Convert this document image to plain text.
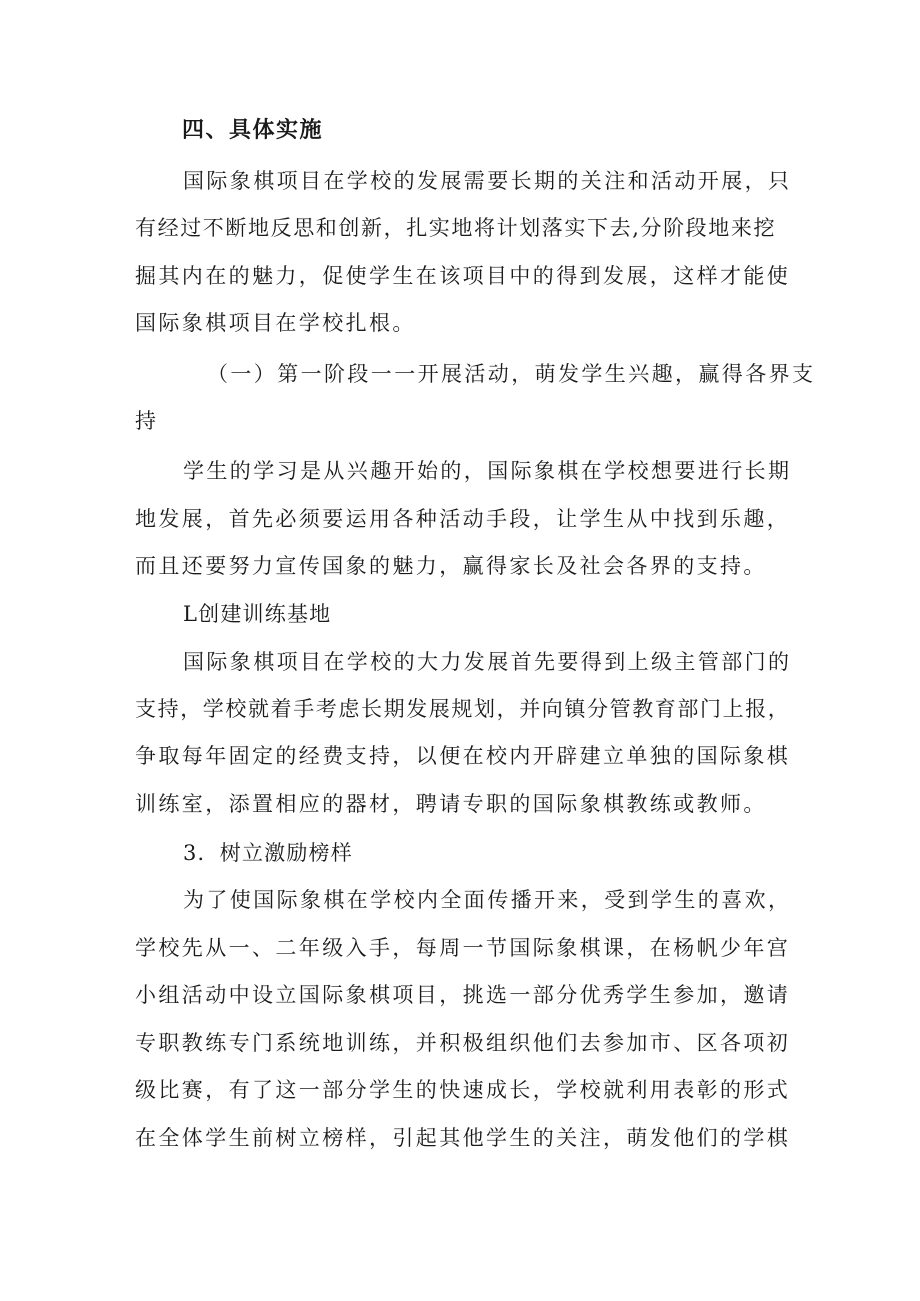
四、具体实施
国际象棋项目在学校的发展需要长期的关注和活动开展，只
有经过不断地反思和创新，扎实地将计划落实下去,分阶段地来挖
掘其内在的魅力，促使学生在该项目中的得到发展，这样才能使
国际象棋项目在学校扎根。
（一）第一阶段一一开展活动，萌发学生兴趣，赢得各界支
持
学生的学习是从兴趣开始的，国际象棋在学校想要进行长期
地发展，首先必须要运用各种活动手段，让学生从中找到乐趣，
而且还要努力宣传国象的魅力，赢得家长及社会各界的支持。
L创建训练基地
国际象棋项目在学校的大力发展首先要得到上级主管部门的
支持，学校就着手考虑长期发展规划，并向镇分管教育部门上报，
争取每年固定的经费支持，以便在校内开辟建立单独的国际象棋
训练室，添置相应的器材，聘请专职的国际象棋教练或教师。
3．树立激励榜样
为了使国际象棋在学校内全面传播开来，受到学生的喜欢，
学校先从一、二年级入手，每周一节国际象棋课，在杨帆少年宫
小组活动中设立国际象棋项目，挑选一部分优秀学生参加，邀请
专职教练专门系统地训练，并积极组织他们去参加市、区各项初
级比赛，有了这一部分学生的快速成长，学校就利用表彰的形式
在全体学生前树立榜样，引起其他学生的关注，萌发他们的学棋
